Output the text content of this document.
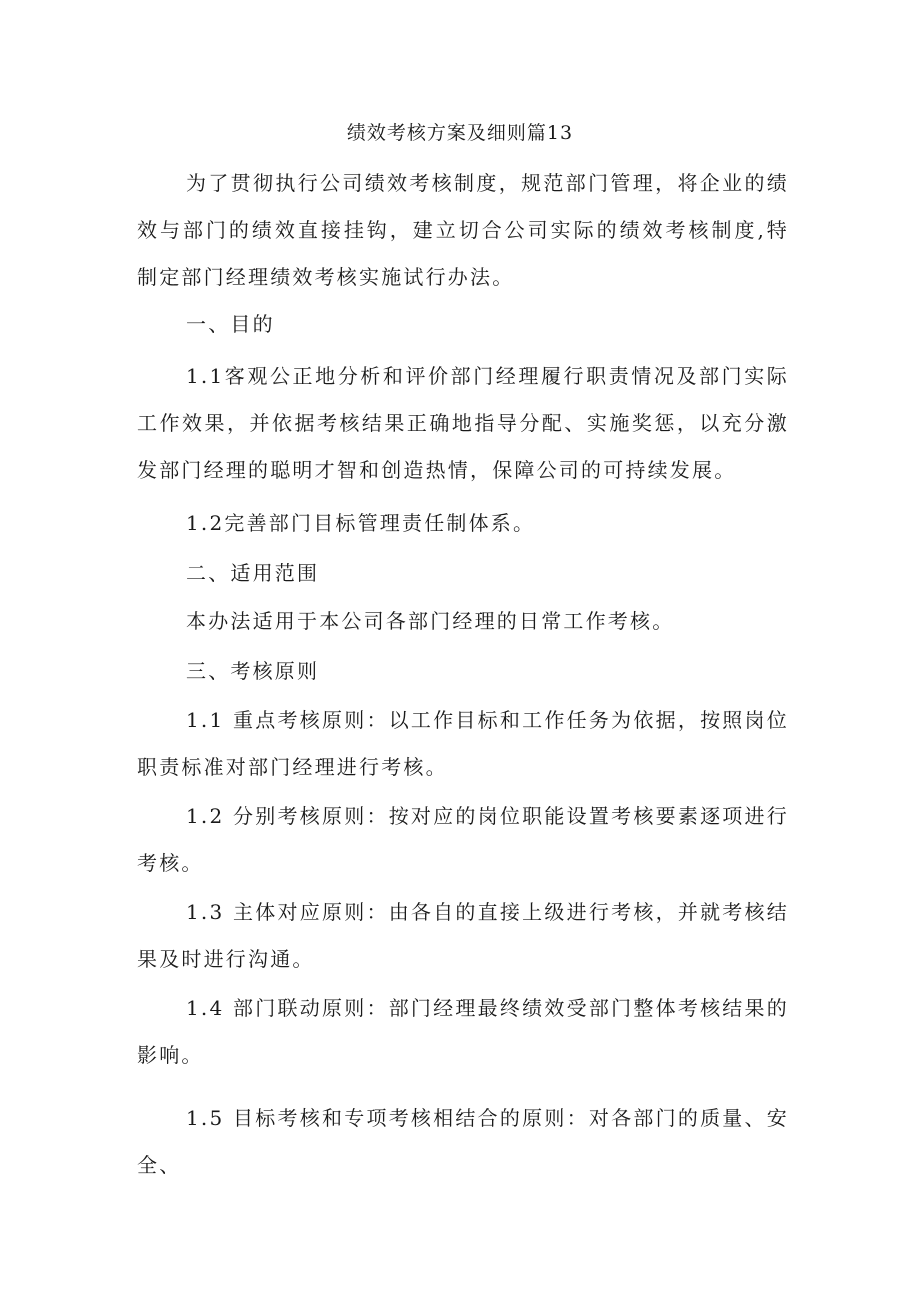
绩效考核方案及细则篇13

为了贯彻执行公司绩效考核制度，规范部门管理，将企业的绩效与部门的绩效直接挂钩，建立切合公司实际的绩效考核制度,特制定部门经理绩效考核实施试行办法。

一、目的

1.1客观公正地分析和评价部门经理履行职责情况及部门实际工作效果，并依据考核结果正确地指导分配、实施奖惩，以充分激发部门经理的聪明才智和创造热情，保障公司的可持续发展。

1.2完善部门目标管理责任制体系。

二、适用范围

本办法适用于本公司各部门经理的日常工作考核。

三、考核原则

1.1 重点考核原则：以工作目标和工作任务为依据，按照岗位职责标准对部门经理进行考核。

1.2 分别考核原则：按对应的岗位职能设置考核要素逐项进行考核。

1.3 主体对应原则：由各自的直接上级进行考核，并就考核结果及时进行沟通。

1.4 部门联动原则：部门经理最终绩效受部门整体考核结果的影响。

1.5 目标考核和专项考核相结合的原则：对各部门的质量、安全、
